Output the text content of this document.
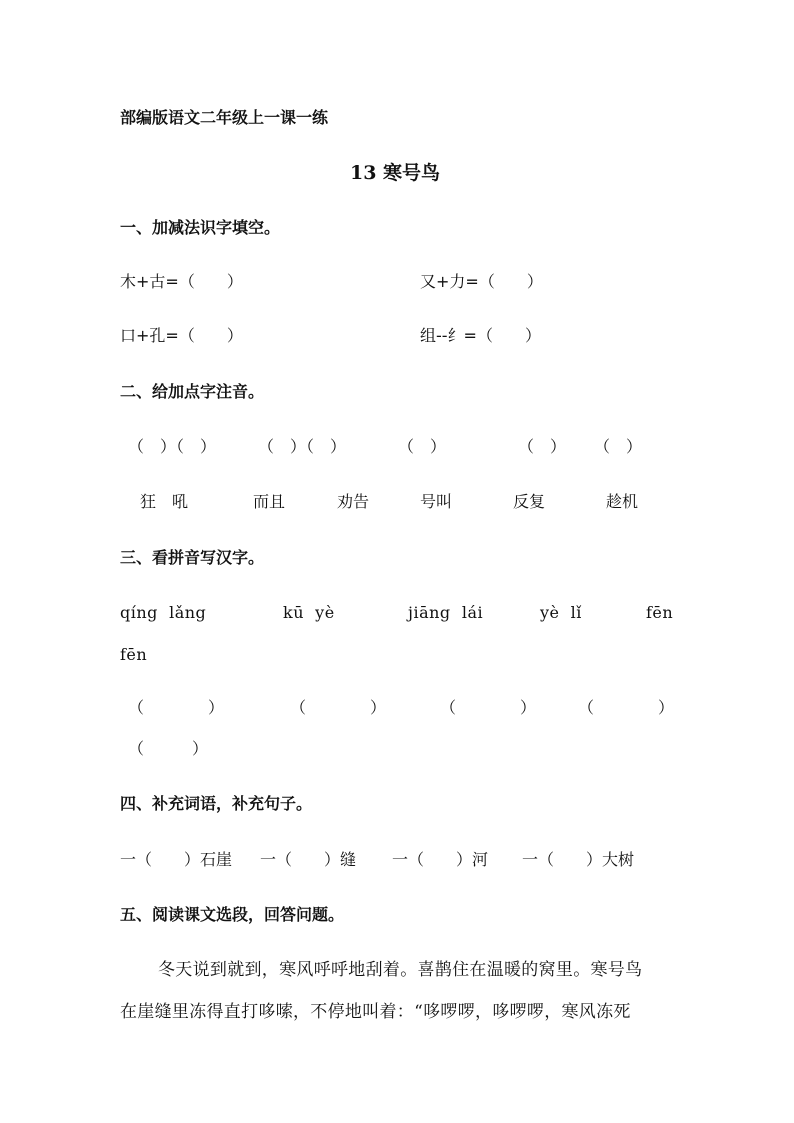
部编版语文二年级上一课一练
13 寒号鸟
一、加减法识字填空。
木+古=（　　）	又+力=（　　）
口+孔=（　　）	组--纟=（　　）
二、给加点字注音。
（　）（　）	（　）（　）	（　）	（　） （　）
狂　吼	而且	劝告	号叫	反复	趁机
三、看拼音写汉字。
qíng  lǎng	kū  yè	jiāng  lái	yè  lǐ	fēn
fēn
（　　　　）	（　　　　）	（　　　　）	（　　　　）
（　　　）
四、补充词语，补充句子。
一（　　）石崖 一（　　）缝 一（　　）河 一（　　）大树
五、阅读课文选段，回答问题。
冬天说到就到，寒风呼呼地刮着。喜鹊住在温暖的窝里。寒号鸟
在崖缝里冻得直打哆嗦，不停地叫着：“哆啰啰，哆啰啰，寒风冻死
